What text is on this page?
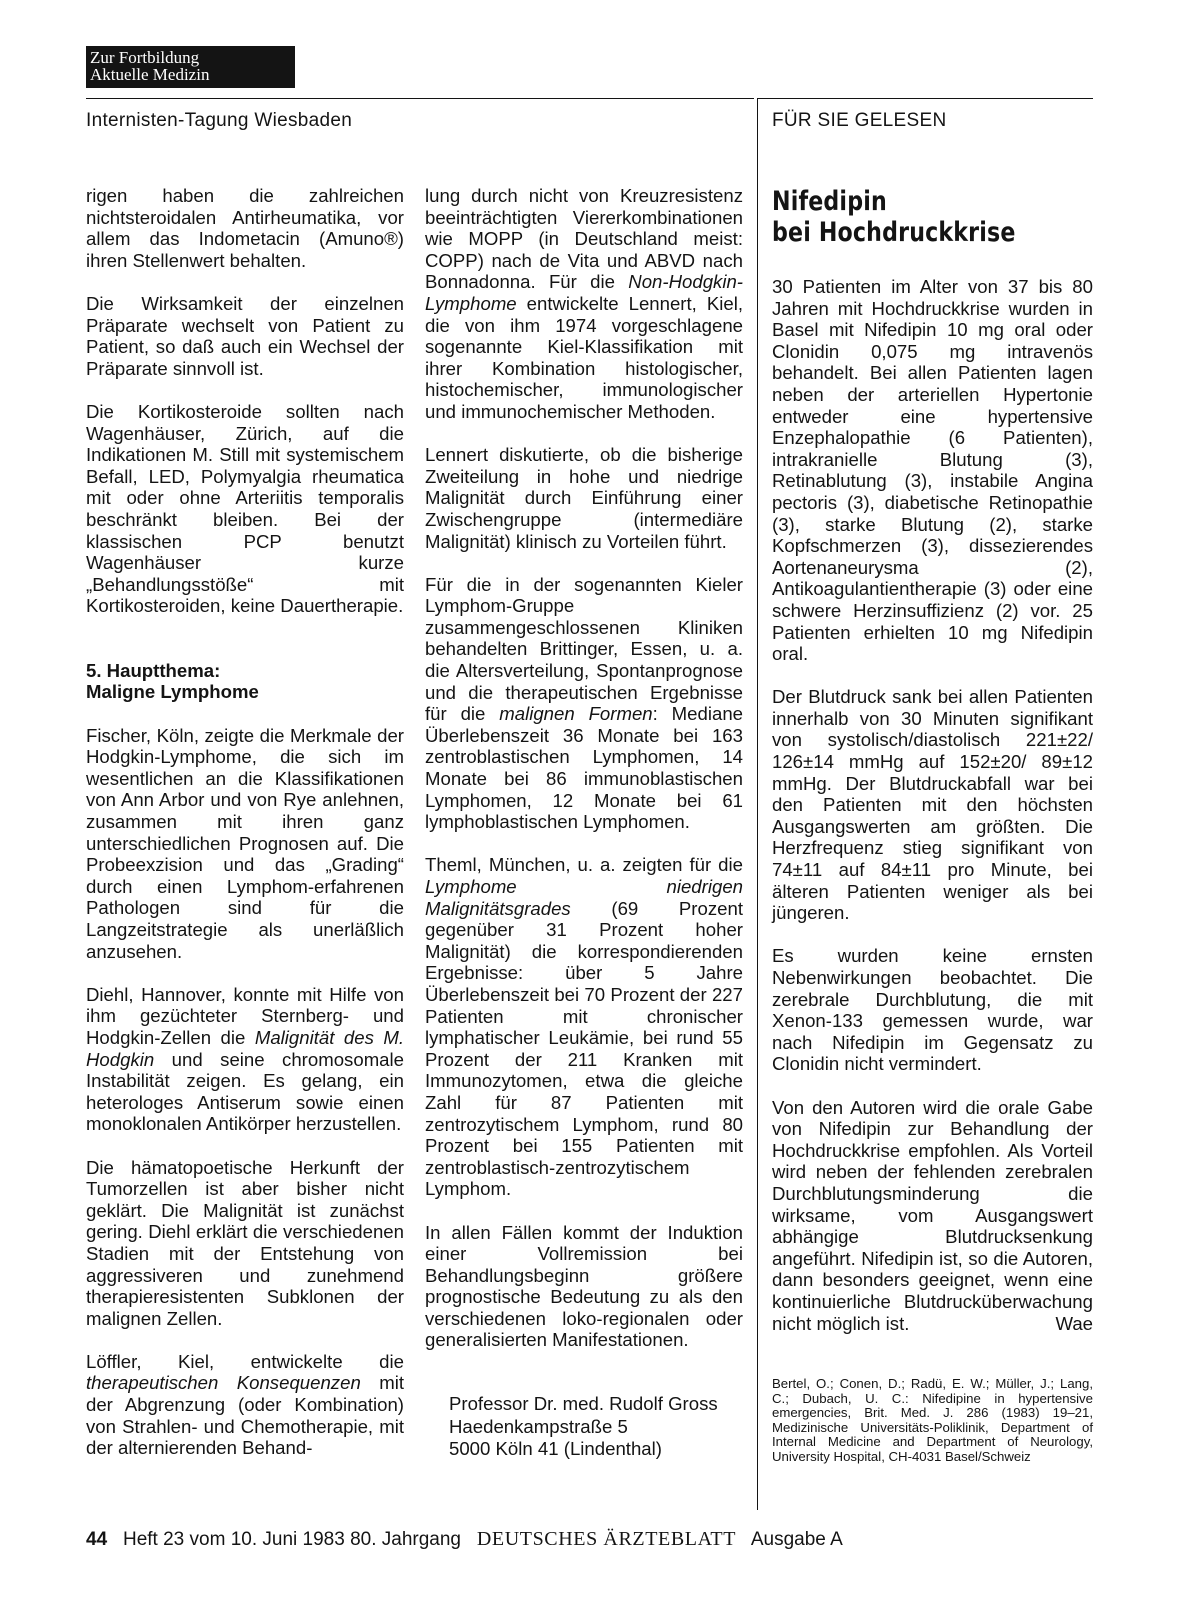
Zur Fortbildung
Aktuelle Medizin
Internisten-Tagung Wiesbaden	FÜR SIE GELESEN

rigen haben die zahlreichen nichtsteroidalen Antirheumatika, vor allem das Indometacin (Amuno®) ihren Stellenwert behalten.

Die Wirksamkeit der einzelnen Präparate wechselt von Patient zu Patient, so daß auch ein Wechsel der Präparate sinnvoll ist.

Die Kortikosteroide sollten nach Wagenhäuser, Zürich, auf die Indikationen M. Still mit systemischem Befall, LED, Polymyalgia rheumatica mit oder ohne Arteriitis temporalis beschränkt bleiben. Bei der klassischen PCP benutzt Wagenhäuser kurze „Behandlungsstöße“ mit Kortikosteroiden, keine Dauertherapie.

5. Hauptthema:
Maligne Lymphome

Fischer, Köln, zeigte die Merkmale der Hodgkin-Lymphome, die sich im wesentlichen an die Klassifikationen von Ann Arbor und von Rye anlehnen, zusammen mit ihren ganz unterschiedlichen Prognosen auf. Die Probeexzision und das „Grading“ durch einen Lymphom-erfahrenen Pathologen sind für die Langzeitstrategie als unerläßlich anzusehen.

Diehl, Hannover, konnte mit Hilfe von ihm gezüchteter Sternberg- und Hodgkin-Zellen die Malignität des M. Hodgkin und seine chromosomale Instabilität zeigen. Es gelang, ein heterologes Antiserum sowie einen monoklonalen Antikörper herzustellen.

Die hämatopoetische Herkunft der Tumorzellen ist aber bisher nicht geklärt. Die Malignität ist zunächst gering. Diehl erklärt die verschiedenen Stadien mit der Entstehung von aggressiveren und zunehmend therapieresistenten Subklonen der malignen Zellen.

Löffler, Kiel, entwickelte die therapeutischen Konsequenzen mit der Abgrenzung (oder Kombination) von Strahlen- und Chemotherapie, mit der alternierenden Behand-

lung durch nicht von Kreuzresistenz beeinträchtigten Viererkombinationen wie MOPP (in Deutschland meist: COPP) nach de Vita und ABVD nach Bonnadonna. Für die Non-Hodgkin-Lymphome entwickelte Lennert, Kiel, die von ihm 1974 vorgeschlagene sogenannte Kiel-Klassifikation mit ihrer Kombination histologischer, histochemischer, immunologischer und immunochemischer Methoden.

Lennert diskutierte, ob die bisherige Zweiteilung in hohe und niedrige Malignität durch Einführung einer Zwischengruppe (intermediäre Malignität) klinisch zu Vorteilen führt.

Für die in der sogenannten Kieler Lymphom-Gruppe zusammengeschlossenen Kliniken behandelten Brittinger, Essen, u. a. die Altersverteilung, Spontanprognose und die therapeutischen Ergebnisse für die malignen Formen: Mediane Überlebenszeit 36 Monate bei 163 zentroblastischen Lymphomen, 14 Monate bei 86 immunoblastischen Lymphomen, 12 Monate bei 61 lymphoblastischen Lymphomen.

Theml, München, u. a. zeigten für die Lymphome niedrigen Malignitätsgrades (69 Prozent gegenüber 31 Prozent hoher Malignität) die korrespondierenden Ergebnisse: über 5 Jahre Überlebenszeit bei 70 Prozent der 227 Patienten mit chronischer lymphatischer Leukämie, bei rund 55 Prozent der 211 Kranken mit Immunozytomen, etwa die gleiche Zahl für 87 Patienten mit zentrozytischem Lymphom, rund 80 Prozent bei 155 Patienten mit zentroblastisch-zentrozytischem Lymphom.

In allen Fällen kommt der Induktion einer Vollremission bei Behandlungsbeginn größere prognostische Bedeutung zu als den verschiedenen loko-regionalen oder generalisierten Manifestationen.

Professor Dr. med. Rudolf Gross
Haedenkampstraße 5
5000 Köln 41 (Lindenthal)
Nifedipin
bei Hochdruckkrise

30 Patienten im Alter von 37 bis 80 Jahren mit Hochdruckkrise wurden in Basel mit Nifedipin 10 mg oral oder Clonidin 0,075 mg intravenös behandelt. Bei allen Patienten lagen neben der arteriellen Hypertonie entweder eine hypertensive Enzephalopathie (6 Patienten), intrakranielle Blutung (3), Retinablutung (3), instabile Angina pectoris (3), diabetische Retinopathie (3), starke Blutung (2), starke Kopfschmerzen (3), dissezierendes Aortenaneurysma (2), Antikoagulantientherapie (3) oder eine schwere Herzinsuffizienz (2) vor. 25 Patienten erhielten 10 mg Nifedipin oral.

Der Blutdruck sank bei allen Patienten innerhalb von 30 Minuten signifikant von systolisch/diastolisch 221±22/ 126±14 mmHg auf 152±20/ 89±12 mmHg. Der Blutdruckabfall war bei den Patienten mit den höchsten Ausgangswerten am größten. Die Herzfrequenz stieg signifikant von 74±11 auf 84±11 pro Minute, bei älteren Patienten weniger als bei jüngeren.

Es wurden keine ernsten Nebenwirkungen beobachtet. Die zerebrale Durchblutung, die mit Xenon-133 gemessen wurde, war nach Nifedipin im Gegensatz zu Clonidin nicht vermindert.

Von den Autoren wird die orale Gabe von Nifedipin zur Behandlung der Hochdruckkrise empfohlen. Als Vorteil wird neben der fehlenden zerebralen Durchblutungsminderung die wirksame, vom Ausgangswert abhängige Blutdrucksenkung angeführt. Nifedipin ist, so die Autoren, dann besonders geeignet, wenn eine kontinuierliche Blutdrucküberwachung nicht möglich ist.	Wae

Bertel, O.; Conen, D.; Radü, E. W.; Müller, J.; Lang, C.; Dubach, U. C.: Nifedipine in hypertensive emergencies, Brit. Med. J. 286 (1983) 19–21, Medizinische Universitäts-Poliklinik, Department of Internal Medicine and Department of Neurology, University Hospital, CH-4031 Basel/Schweiz
44 Heft 23 vom 10. Juni 1983 80. Jahrgang DEUTSCHES ÄRZTEBLATT Ausgabe A
